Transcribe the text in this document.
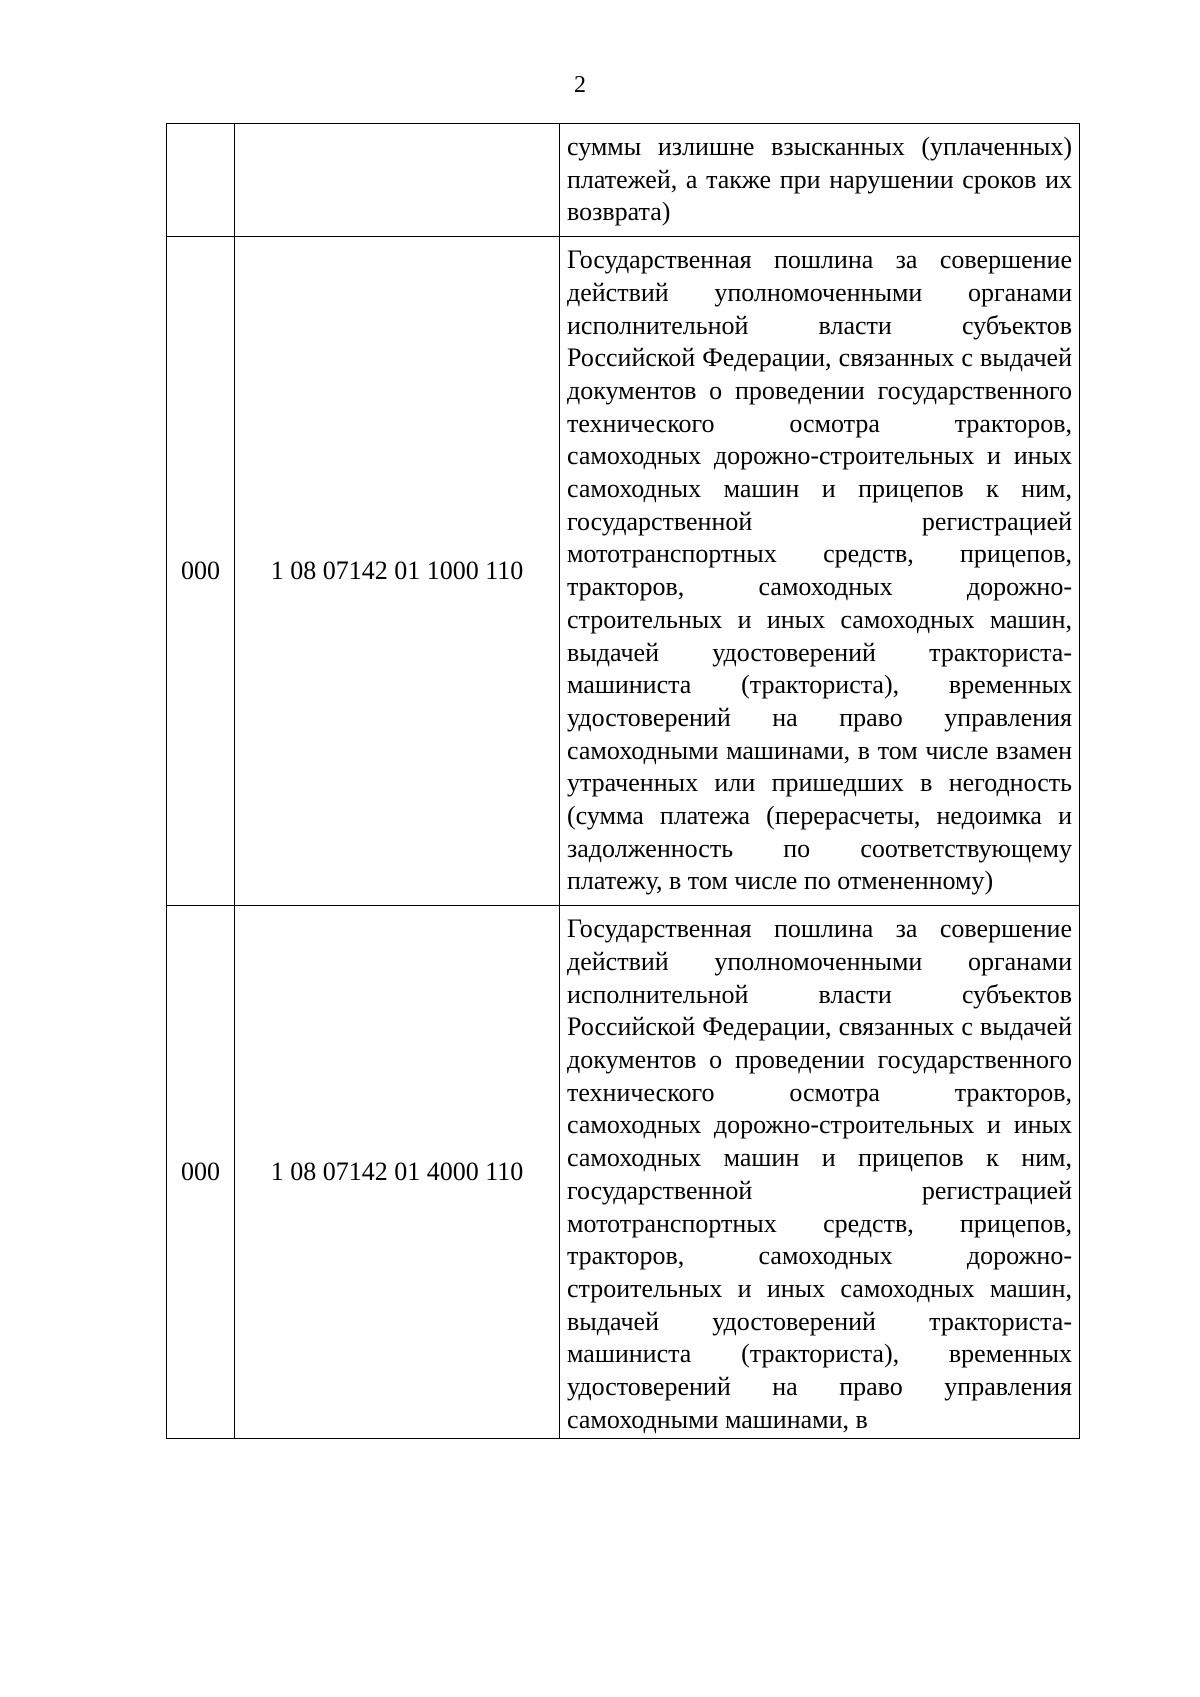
2

		суммы излишне взысканных (уплаченных) платежей, а также при нарушении сроков их возврата)

000	1 08 07142 01 1000 110	Государственная пошлина за совершение действий уполномоченными органами исполнительной власти субъектов Российской Федерации, связанных с выдачей документов о проведении государственного технического осмотра тракторов, самоходных дорожно-строительных и иных самоходных машин и прицепов к ним, государственной регистрацией мототранспортных средств, прицепов, тракторов, самоходных дорожно-строительных и иных самоходных машин, выдачей удостоверений тракториста-машиниста (тракториста), временных удостоверений на право управления самоходными машинами, в том числе взамен утраченных или пришедших в негодность (сумма платежа (перерасчеты, недоимка и задолженность по соответствующему платежу, в том числе по отмененному)

000	1 08 07142 01 4000 110	Государственная пошлина за совершение действий уполномоченными органами исполнительной власти субъектов Российской Федерации, связанных с выдачей документов о проведении государственного технического осмотра тракторов, самоходных дорожно-строительных и иных самоходных машин и прицепов к ним, государственной регистрацией мототранспортных средств, прицепов, тракторов, самоходных дорожно-строительных и иных самоходных машин, выдачей удостоверений тракториста-машиниста (тракториста), временных удостоверений на право управления самоходными машинами, в
